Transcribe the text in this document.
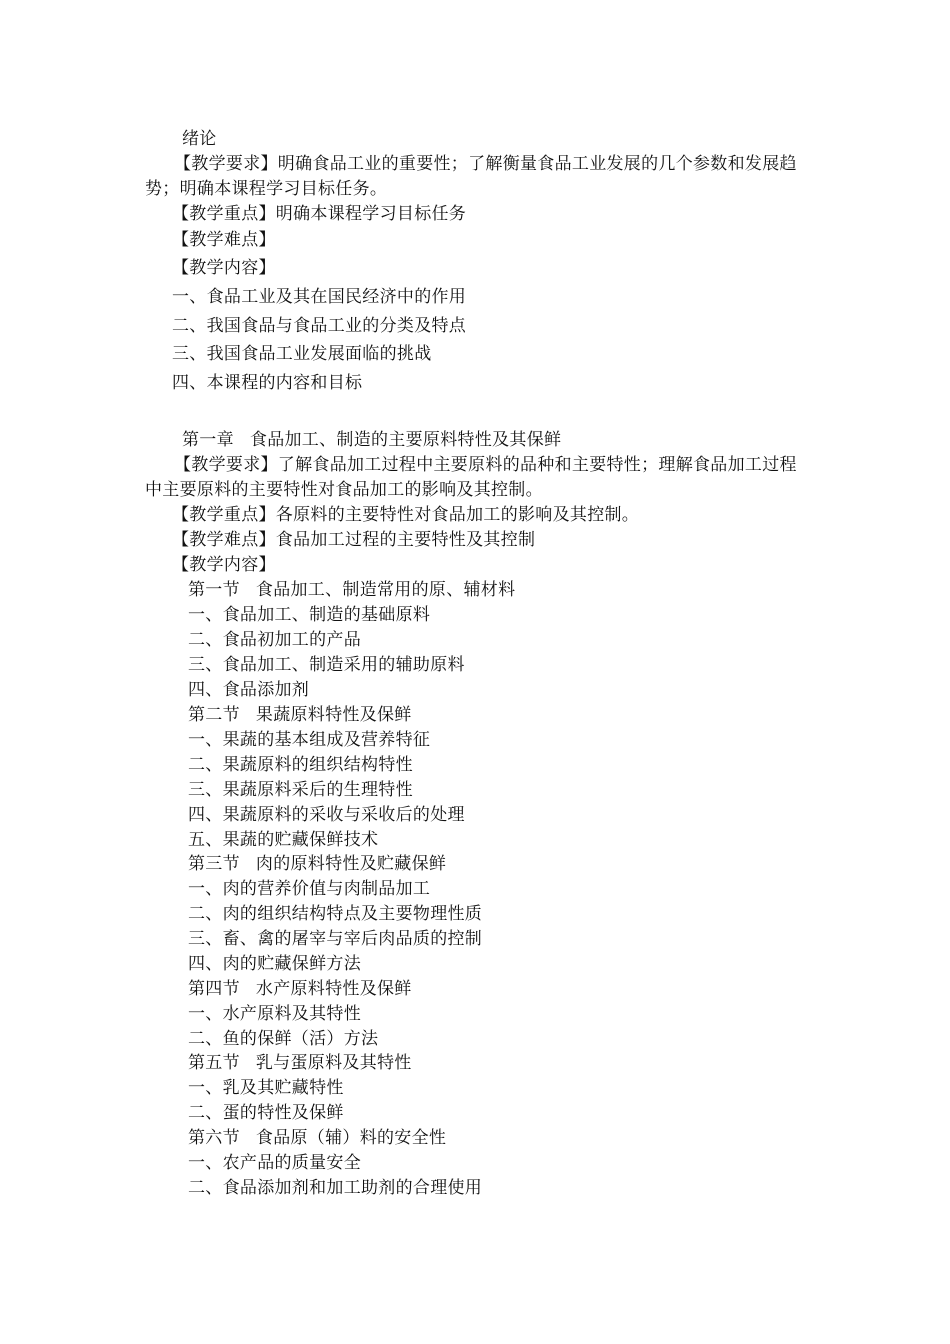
绪论
【教学要求】明确食品工业的重要性；了解衡量食品工业发展的几个参数和发展趋势；明确本课程学习目标任务。
【教学重点】明确本课程学习目标任务
【教学难点】
【教学内容】
一、食品工业及其在国民经济中的作用
二、我国食品与食品工业的分类及特点
三、我国食品工业发展面临的挑战
四、本课程的内容和目标
第一章 食品加工、制造的主要原料特性及其保鲜
【教学要求】了解食品加工过程中主要原料的品种和主要特性；理解食品加工过程中主要原料的主要特性对食品加工的影响及其控制。
【教学重点】各原料的主要特性对食品加工的影响及其控制。
【教学难点】食品加工过程的主要特性及其控制
【教学内容】
第一节 食品加工、制造常用的原、辅材料
一、食品加工、制造的基础原料
二、食品初加工的产品
三、食品加工、制造采用的辅助原料
四、食品添加剂
第二节 果蔬原料特性及保鲜
一、果蔬的基本组成及营养特征
二、果蔬原料的组织结构特性
三、果蔬原料采后的生理特性
四、果蔬原料的采收与采收后的处理
五、果蔬的贮藏保鲜技术
第三节 肉的原料特性及贮藏保鲜
一、肉的营养价值与肉制品加工
二、肉的组织结构特点及主要物理性质
三、畜、禽的屠宰与宰后肉品质的控制
四、肉的贮藏保鲜方法
第四节 水产原料特性及保鲜
一、水产原料及其特性
二、鱼的保鲜（活）方法
第五节 乳与蛋原料及其特性
一、乳及其贮藏特性
二、蛋的特性及保鲜
第六节 食品原（辅）料的安全性
一、农产品的质量安全
二、食品添加剂和加工助剂的合理使用
